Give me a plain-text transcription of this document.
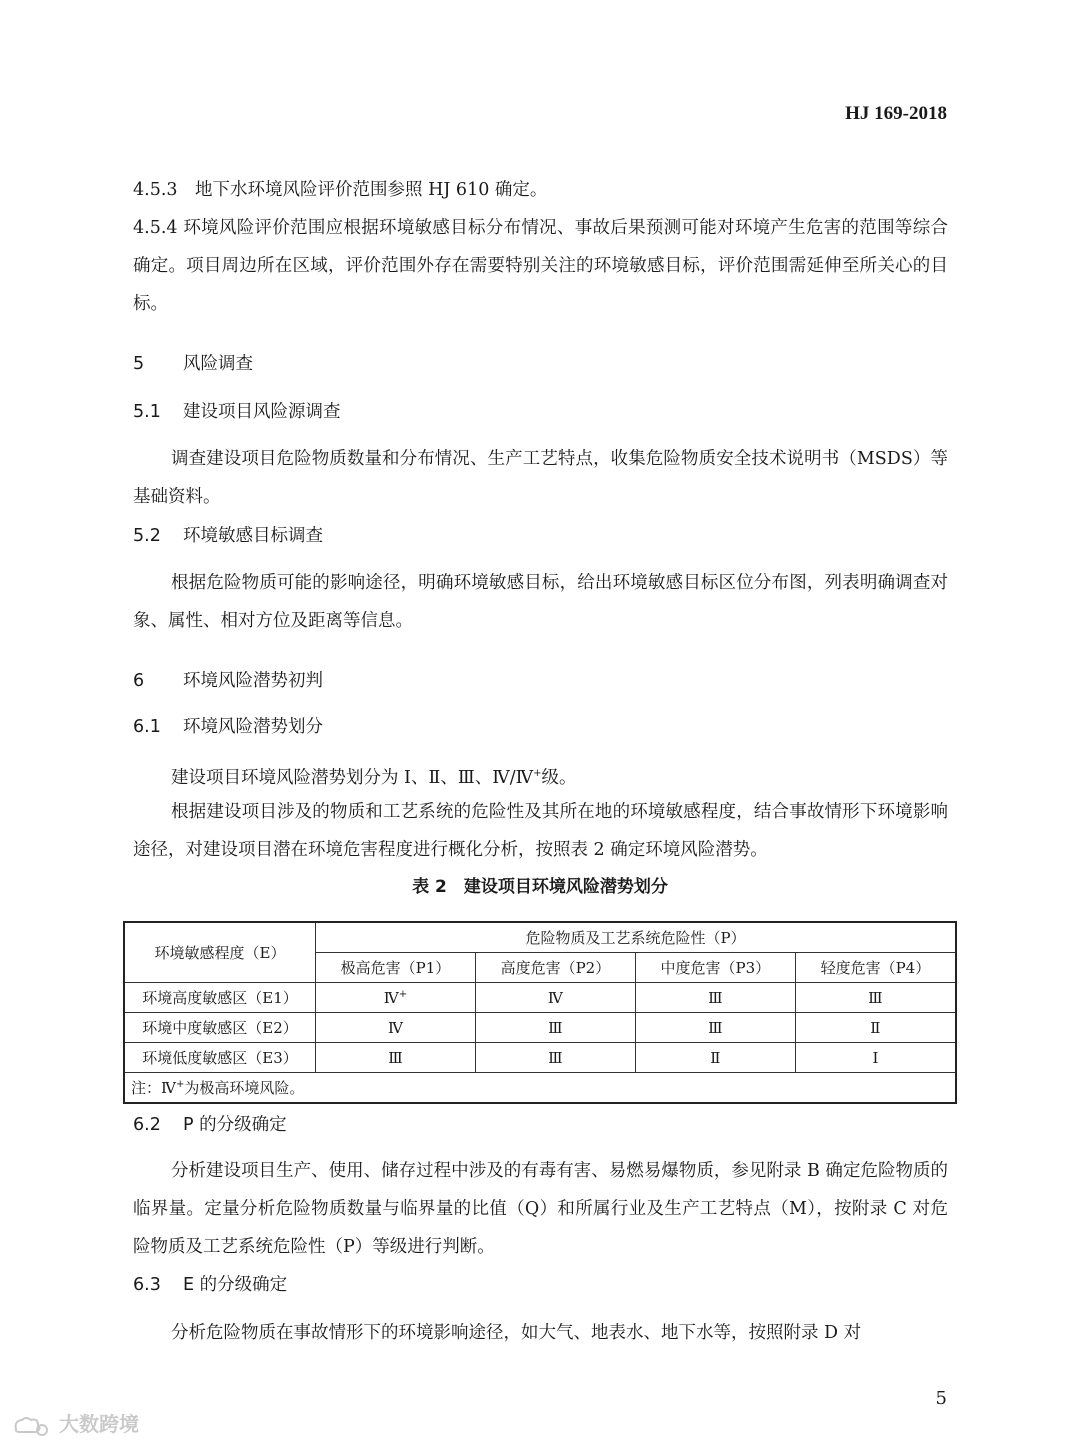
HJ 169-2018
4.5.3　地下水环境风险评价范围参照 HJ 610 确定。
4.5.4 环境风险评价范围应根据环境敏感目标分布情况、事故后果预测可能对环境产生危害的范围等综合确定。项目周边所在区域，评价范围外存在需要特别关注的环境敏感目标，评价范围需延伸至所关心的目标。
5 风险调查
5.1 建设项目风险源调查
调查建设项目危险物质数量和分布情况、生产工艺特点，收集危险物质安全技术说明书（MSDS）等基础资料。
5.2 环境敏感目标调查
根据危险物质可能的影响途径，明确环境敏感目标，给出环境敏感目标区位分布图，列表明确调查对象、属性、相对方位及距离等信息。
6 环境风险潜势初判
6.1 环境风险潜势划分
建设项目环境风险潜势划分为 Ⅰ、Ⅱ、Ⅲ、Ⅳ/Ⅳ+级。
根据建设项目涉及的物质和工艺系统的危险性及其所在地的环境敏感程度，结合事故情形下环境影响途径，对建设项目潜在环境危害程度进行概化分析，按照表 2 确定环境风险潜势。
表 2　建设项目环境风险潜势划分
环境敏感程度（E）	危险物质及工艺系统危险性（P）			
	极高危害（P1）	高度危害（P2）	中度危害（P3）	轻度危害（P4）
环境高度敏感区（E1）	Ⅳ+	Ⅳ	Ⅲ	Ⅲ
环境中度敏感区（E2）	Ⅳ	Ⅲ	Ⅲ	Ⅱ
环境低度敏感区（E3）	Ⅲ	Ⅲ	Ⅱ	Ⅰ
注：Ⅳ+为极高环境风险。				
6.2 P 的分级确定
分析建设项目生产、使用、储存过程中涉及的有毒有害、易燃易爆物质，参见附录 B 确定危险物质的临界量。定量分析危险物质数量与临界量的比值（Q）和所属行业及生产工艺特点（M），按附录 C 对危险物质及工艺系统危险性（P）等级进行判断。
6.3 E 的分级确定
分析危险物质在事故情形下的环境影响途径，如大气、地表水、地下水等，按照附录 D 对
5
大数跨境
